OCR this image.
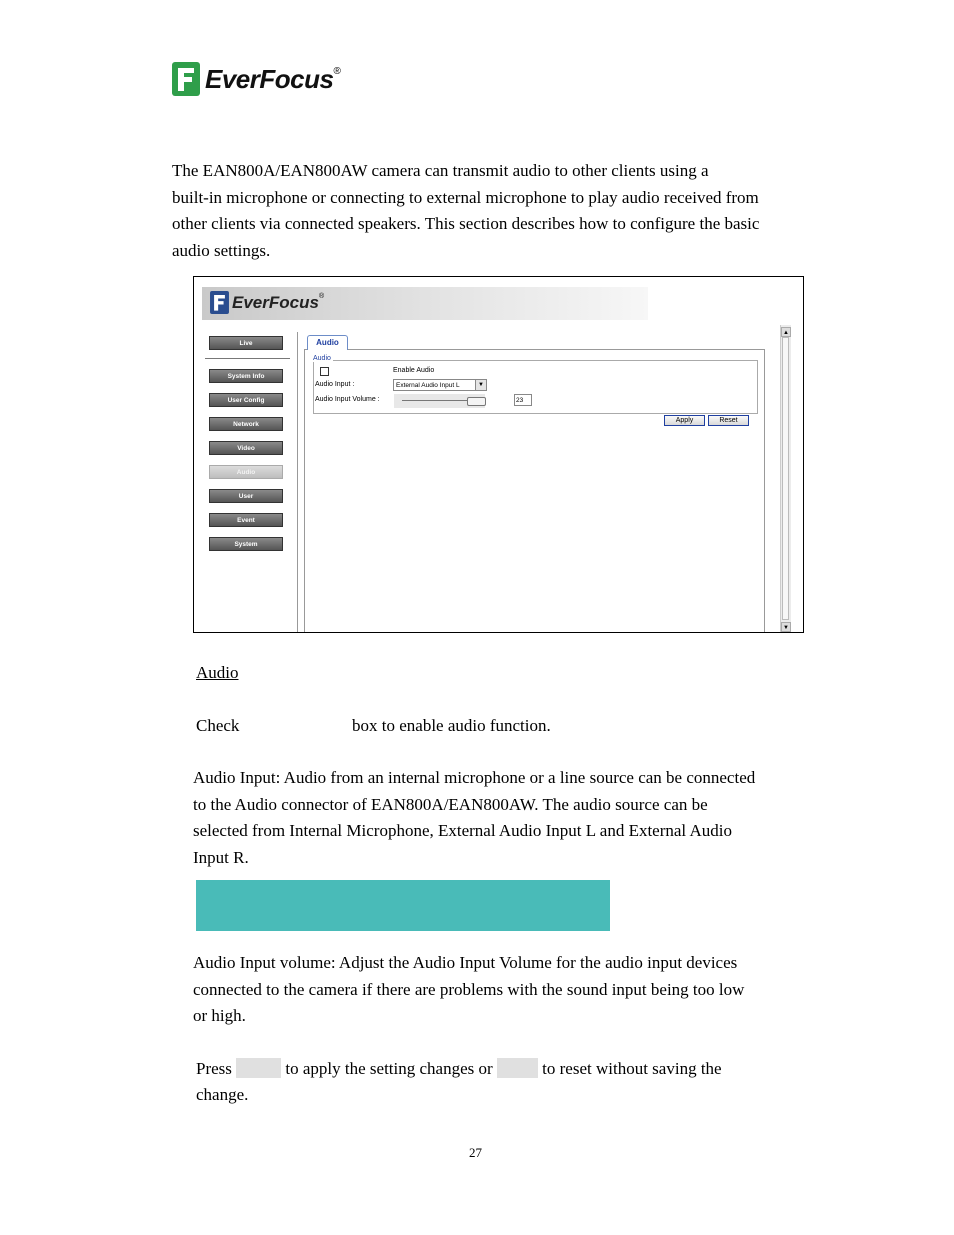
EverFocus ®
The EAN800A/EAN800AW camera can transmit audio to other clients using a
built-in microphone or connecting to external microphone to play audio received from
other clients via connected speakers. This section describes how to configure the basic
audio settings.
EverFocus ®
Live
System Info
User Config
Network
Video
Audio
User
Event
System
Audio
Audio
Enable Audio
Audio Input :	External Audio Input L	▼
Audio Input Volume :	23
Apply	Reset
▲
▼
Audio
Check	box to enable audio function.
Audio Input: Audio from an internal microphone or a line source can be connected
to the Audio connector of EAN800A/EAN800AW. The audio source can be
selected from Internal Microphone, External Audio Input L and External Audio
Input R.
Audio Input volume: Adjust the Audio Input Volume for the audio input devices
connected to the camera if there are problems with the sound input being too low
or high.
Press	to apply the setting changes or	to reset without saving the
change.
27
